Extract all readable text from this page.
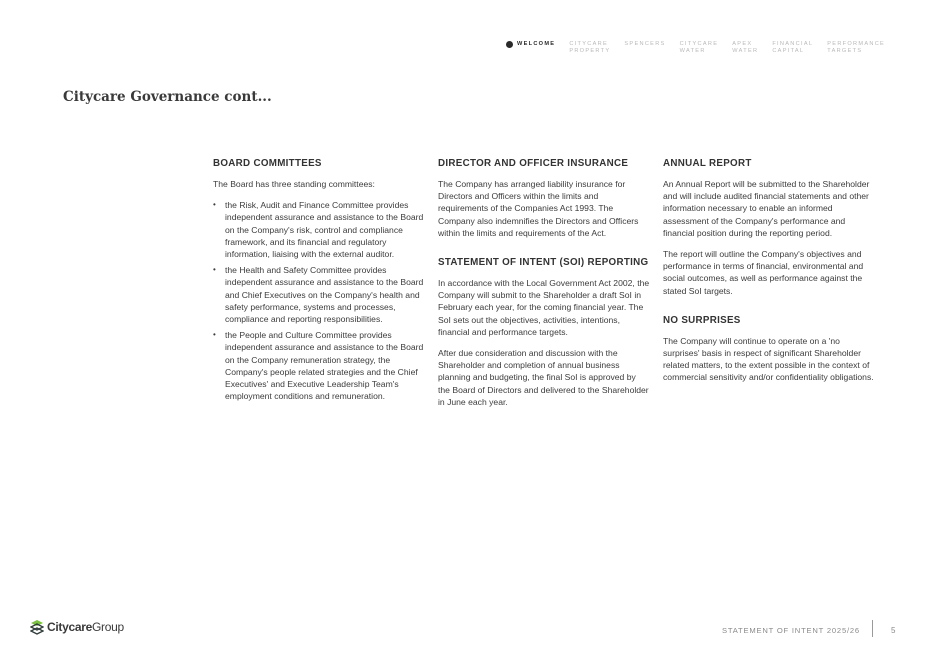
WELCOME	CITYCARE
PROPERTY
SPENCERS	CITYCARE
WATER
APEX
WATER
FINANCIAL
CAPITAL
PERFORMANCE
TARGETS
Citycare Governance cont...
BOARD COMMITTEES

The Board has three standing committees:

• the Risk, Audit and Finance Committee provides independent assurance and assistance to the Board on the Company's risk, control and compliance framework, and its financial and regulatory information, liaising with the external auditor.
• the Health and Safety Committee provides independent assurance and assistance to the Board and Chief Executives on the Company's health and safety performance, systems and processes, compliance and reporting responsibilities.
• the People and Culture Committee provides independent assurance and assistance to the Board on the Company remuneration strategy, the Company's people related strategies and the Chief Executives' and Executive Leadership Team's employment conditions and remuneration.
DIRECTOR AND OFFICER INSURANCE

The Company has arranged liability insurance for Directors and Officers within the limits and requirements of the Companies Act 1993. The Company also indemnifies the Directors and Officers within the limits and requirements of the Act.

STATEMENT OF INTENT (SOI) REPORTING

In accordance with the Local Government Act 2002, the Company will submit to the Shareholder a draft SoI in February each year, for the coming financial year. The SoI sets out the objectives, activities, intentions, financial and performance targets.

After due consideration and discussion with the Shareholder and completion of annual business planning and budgeting, the final SoI is approved by the Board of Directors and delivered to the Shareholder in June each year.

ANNUAL REPORT

An Annual Report will be submitted to the Shareholder and will include audited financial statements and other information necessary to enable an informed assessment of the Company's performance and financial position during the reporting period.

The report will outline the Company's objectives and performance in terms of financial, environmental and social outcomes, as well as performance against the stated SoI targets.

NO SURPRISES

The Company will continue to operate on a 'no surprises' basis in respect of significant Shareholder related matters, to the extent possible in the context of commercial sensitivity and/or confidentiality obligations.

CitycareGroup	STATEMENT OF INTENT 2025/26	5
